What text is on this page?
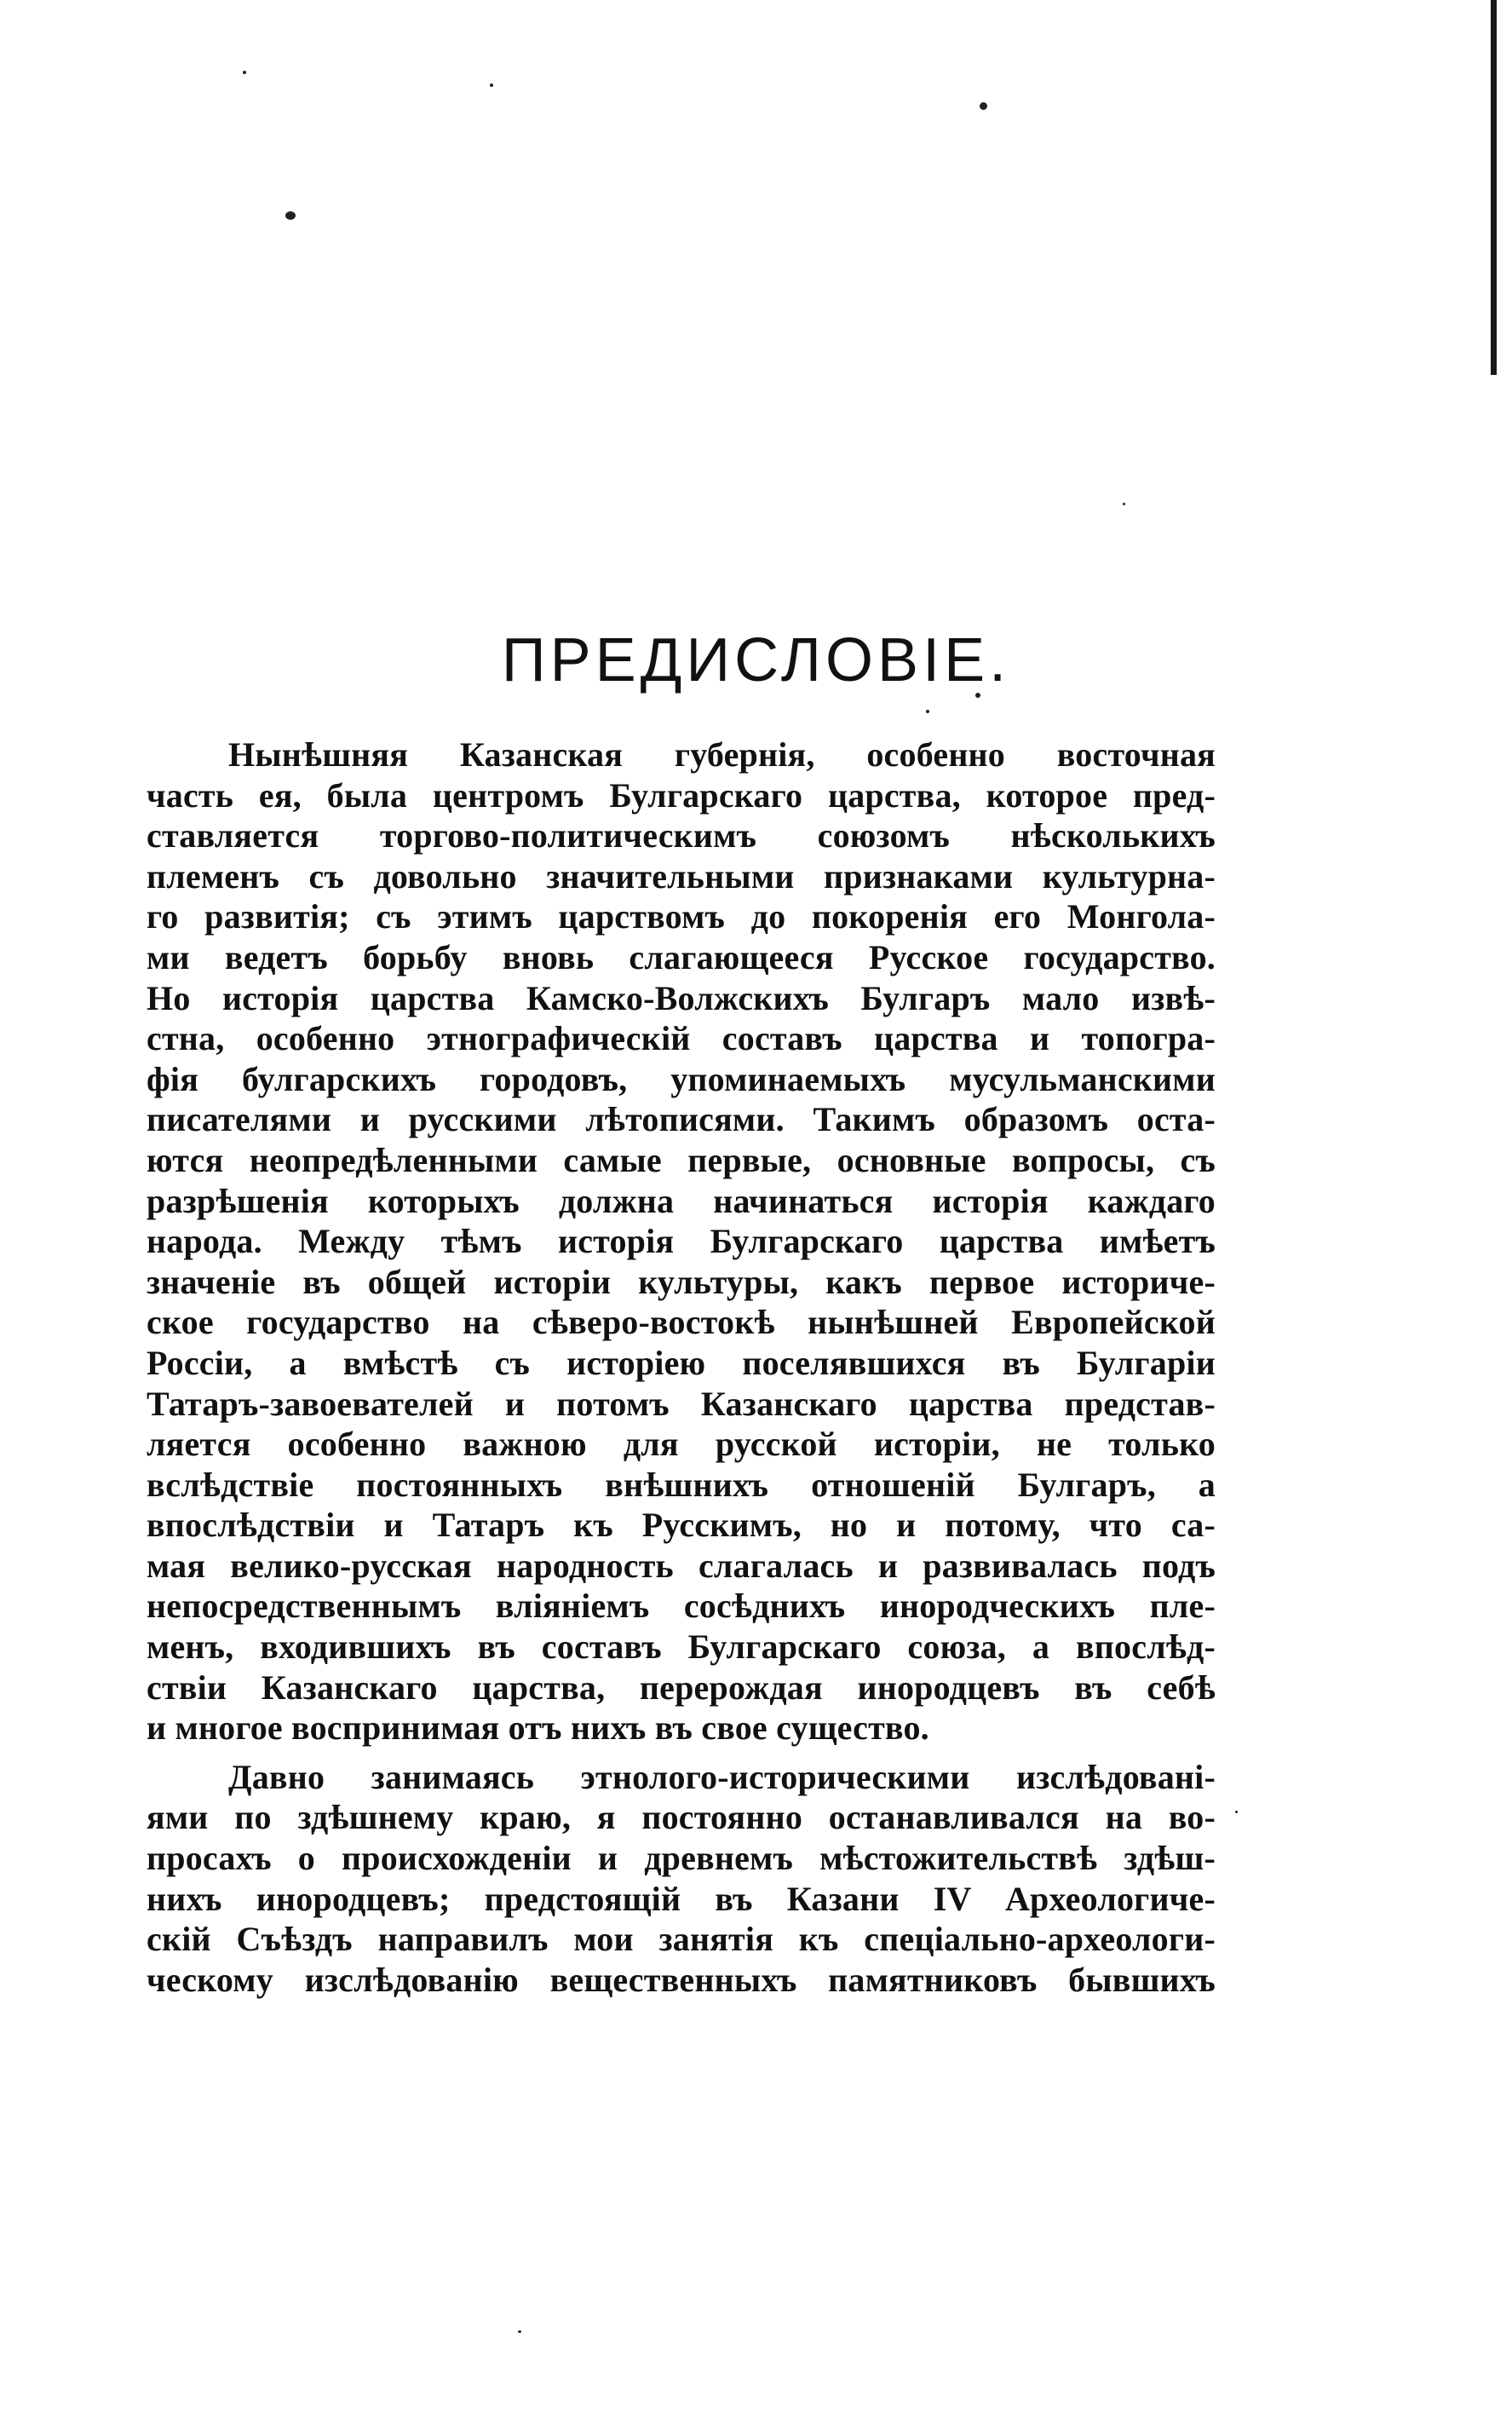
ПРЕДИСЛОВІЕ.
Нынѣшняя Казанская губернія, особенно восточная
часть ея, была центромъ Булгарскаго царства, которое пред-
ставляется торгово-политическимъ союзомъ нѣсколькихъ
племенъ съ довольно значительными признаками культурна-
го развитія; съ этимъ царствомъ до покоренія его Монгола-
ми ведетъ борьбу вновь слагающееся Русское государство.
Но исторія царства Камско-Волжскихъ Булгаръ мало извѣ-
стна, особенно этнографическій составъ царства и топогра-
фія булгарскихъ городовъ, упоминаемыхъ мусульманскими
писателями и русскими лѣтописями. Такимъ образомъ оста-
ются неопредѣленными самые первые, основные вопросы, съ
разрѣшенія которыхъ должна начинаться исторія каждаго
народа. Между тѣмъ исторія Булгарскаго царства имѣетъ
значеніе въ общей исторіи культуры, какъ первое историче-
ское государство на сѣверо-востокѣ нынѣшней Европейской
Россіи, а вмѣстѣ съ исторіею поселявшихся въ Булгаріи
Татаръ-завоевателей и потомъ Казанскаго царства представ-
ляется особенно важною для русской исторіи, не только
вслѣдствіе постоянныхъ внѣшнихъ отношеній Булгаръ, а
впослѣдствіи и Татаръ къ Русскимъ, но и потому, что са-
мая велико-русская народность слагалась и развивалась подъ
непосредственнымъ вліяніемъ сосѣднихъ инородческихъ пле-
менъ, входившихъ въ составъ Булгарскаго союза, а впослѣд-
ствіи Казанскаго царства, перерождая инородцевъ въ себѣ
и многое воспринимая отъ нихъ въ свое существо.
Давно занимаясь этнолого-историческими изслѣдовані-
ями по здѣшнему краю, я постоянно останавливался на во-
просахъ о происхожденіи и древнемъ мѣстожительствѣ здѣш-
нихъ инородцевъ; предстоящій въ Казани IV Археологиче-
скій Съѣздъ направилъ мои занятія къ спеціально-археологи-
ческому изслѣдованію вещественныхъ памятниковъ бывшихъ
